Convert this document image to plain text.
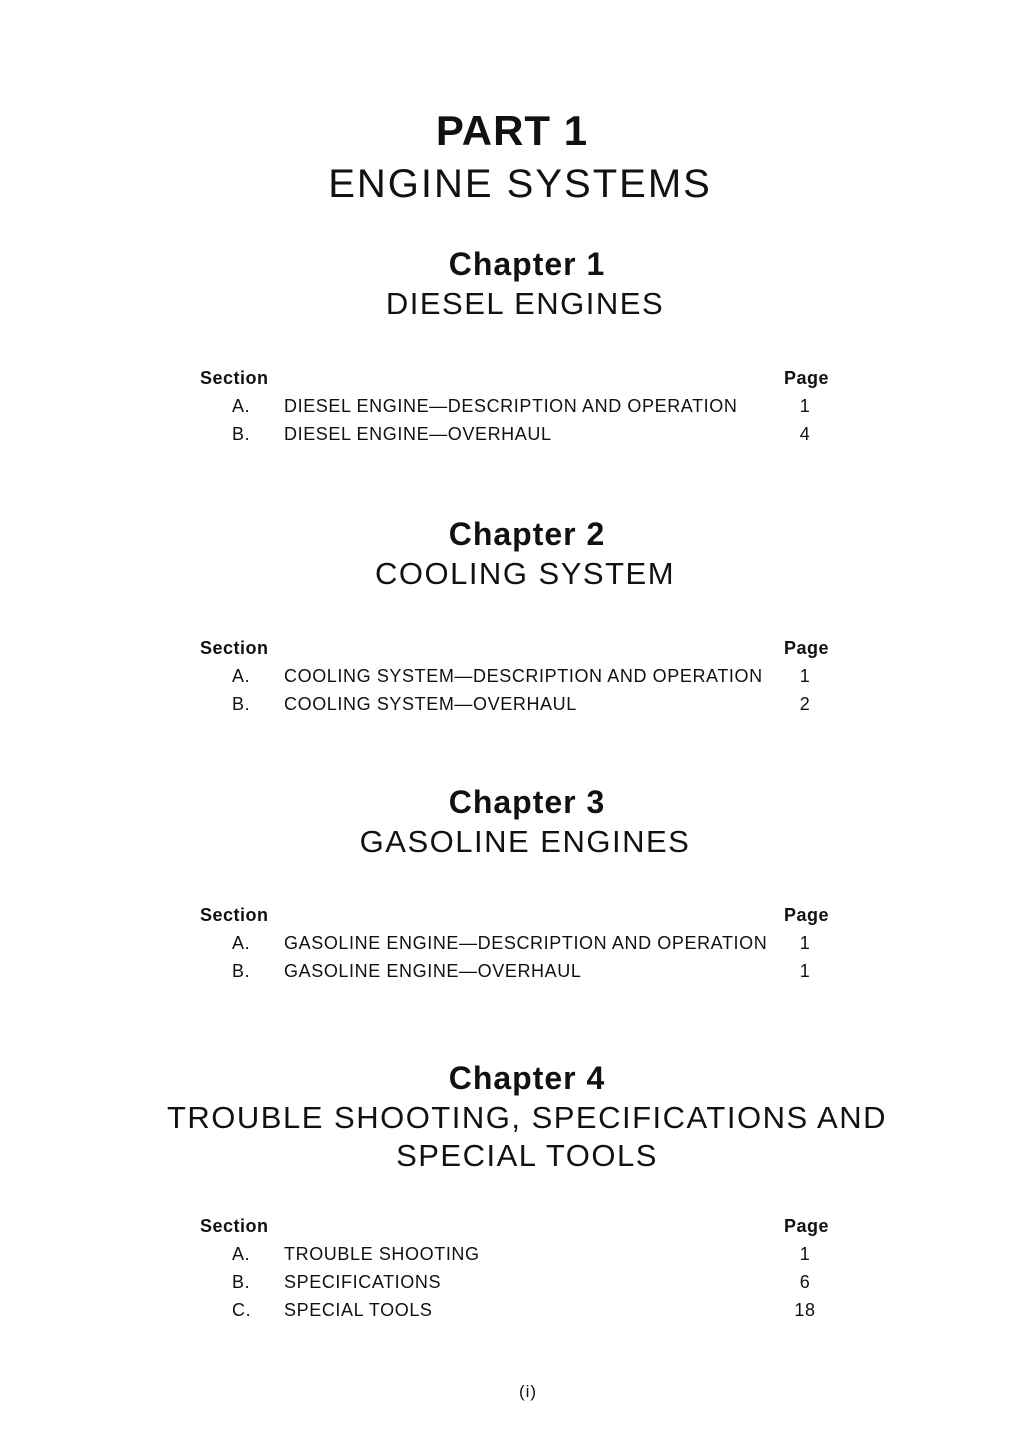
PART 1
ENGINE SYSTEMS
Chapter 1
DIESEL ENGINES
Section	Page
A. DIESEL ENGINE—DESCRIPTION AND OPERATION	1
B. DIESEL ENGINE—OVERHAUL	4
Chapter 2
COOLING SYSTEM
Section	Page
A. COOLING SYSTEM—DESCRIPTION AND OPERATION	1
B. COOLING SYSTEM—OVERHAUL	2
Chapter 3
GASOLINE ENGINES
Section	Page
A. GASOLINE ENGINE—DESCRIPTION AND OPERATION	1
B. GASOLINE ENGINE—OVERHAUL	1
Chapter 4
TROUBLE SHOOTING, SPECIFICATIONS AND
SPECIAL TOOLS
Section	Page
A. TROUBLE SHOOTING	1
B. SPECIFICATIONS	6
C. SPECIAL TOOLS	18
(i)
